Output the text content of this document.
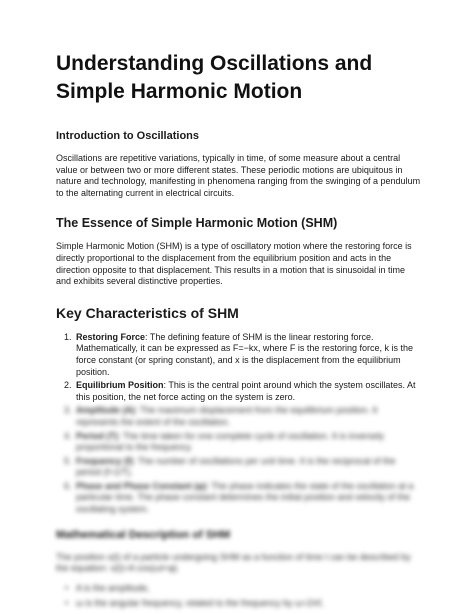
Understanding Oscillations and Simple Harmonic Motion
Introduction to Oscillations

Oscillations are repetitive variations, typically in time, of some measure about a central value or between two or more different states. These periodic motions are ubiquitous in nature and technology, manifesting in phenomena ranging from the swinging of a pendulum to the alternating current in electrical circuits.

The Essence of Simple Harmonic Motion (SHM)

Simple Harmonic Motion (SHM) is a type of oscillatory motion where the restoring force is directly proportional to the displacement from the equilibrium position and acts in the direction opposite to that displacement. This results in a motion that is sinusoidal in time and exhibits several distinctive properties.

Key Characteristics of SHM
1. Restoring Force: The defining feature of SHM is the linear restoring force. Mathematically, it can be expressed as F=−kx, where F is the restoring force, k is the force constant (or spring constant), and x is the displacement from the equilibrium position.
2. Equilibrium Position: This is the central point around which the system oscillates. At this position, the net force acting on the system is zero.
3. Amplitude (A): The maximum displacement from the equilibrium position. It represents the extent of the oscillation.
4. Period (T): The time taken for one complete cycle of oscillation. It is inversely proportional to the frequency.
5. Frequency (f): The number of oscillations per unit time. It is the reciprocal of the period (f=1/T).
6. Phase and Phase Constant (φ): The phase indicates the state of the oscillation at a particular time. The phase constant determines the initial position and velocity of the oscillating system.
Mathematical Description of SHM

The position x(t) of a particle undergoing SHM as a function of time t can be described by the equation: x(t)=A cos(ωt+φ)

• A is the amplitude,
• ω is the angular frequency, related to the frequency by ω=2πf,
